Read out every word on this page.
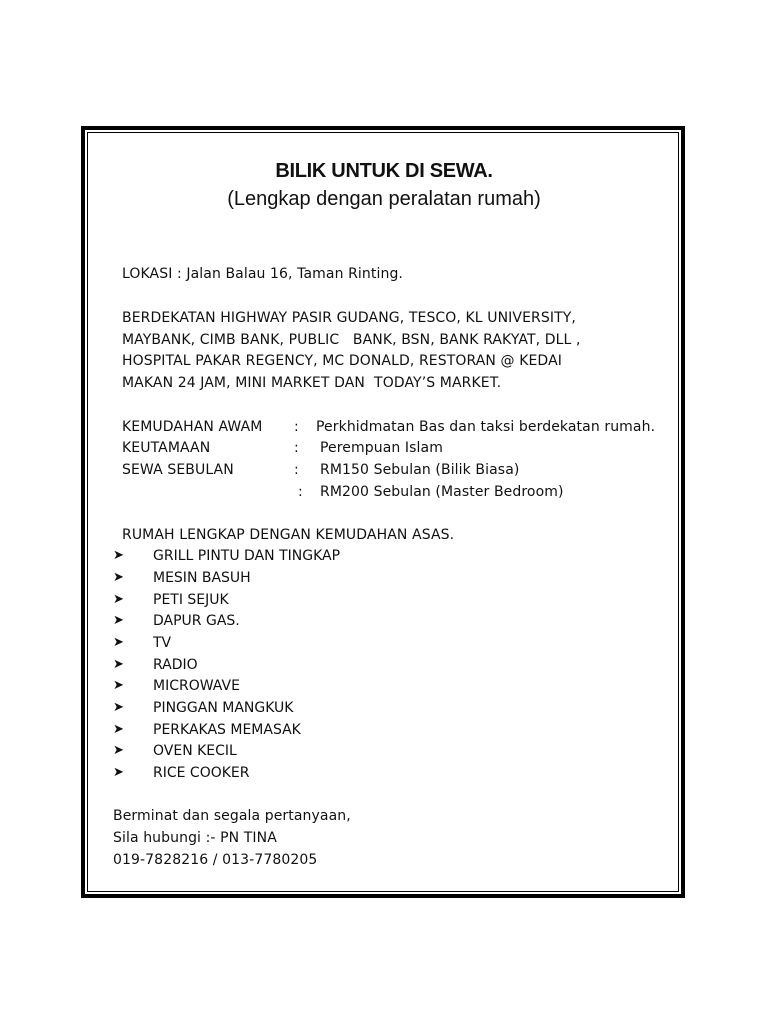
BILIK UNTUK DI SEWA.
(Lengkap dengan peralatan rumah)
LOKASI : Jalan Balau 16, Taman Rinting.
BERDEKATAN HIGHWAY PASIR GUDANG, TESCO, KL UNIVERSITY,
MAYBANK, CIMB BANK, PUBLIC   BANK, BSN, BANK RAKYAT, DLL ,
HOSPITAL PAKAR REGENCY, MC DONALD, RESTORAN @ KEDAI
MAKAN 24 JAM, MINI MARKET DAN  TODAY’S MARKET.
KEMUDAHAN AWAM : Perkhidmatan Bas dan taksi berdekatan rumah.
KEUTAMAAN	: Perempuan Islam
SEWA SEBULAN	: RM150 Sebulan (Bilik Biasa)
: RM200 Sebulan (Master Bedroom)
RUMAH LENGKAP DENGAN KEMUDAHAN ASAS.
➤ GRILL PINTU DAN TINGKAP
➤ MESIN BASUH
➤ PETI SEJUK
➤ DAPUR GAS.
➤ TV
➤ RADIO
➤ MICROWAVE
➤ PINGGAN MANGKUK
➤ PERKAKAS MEMASAK
➤ OVEN KECIL
➤ RICE COOKER
Berminat dan segala pertanyaan,
Sila hubungi :- PN TINA
019-7828216 / 013-7780205
